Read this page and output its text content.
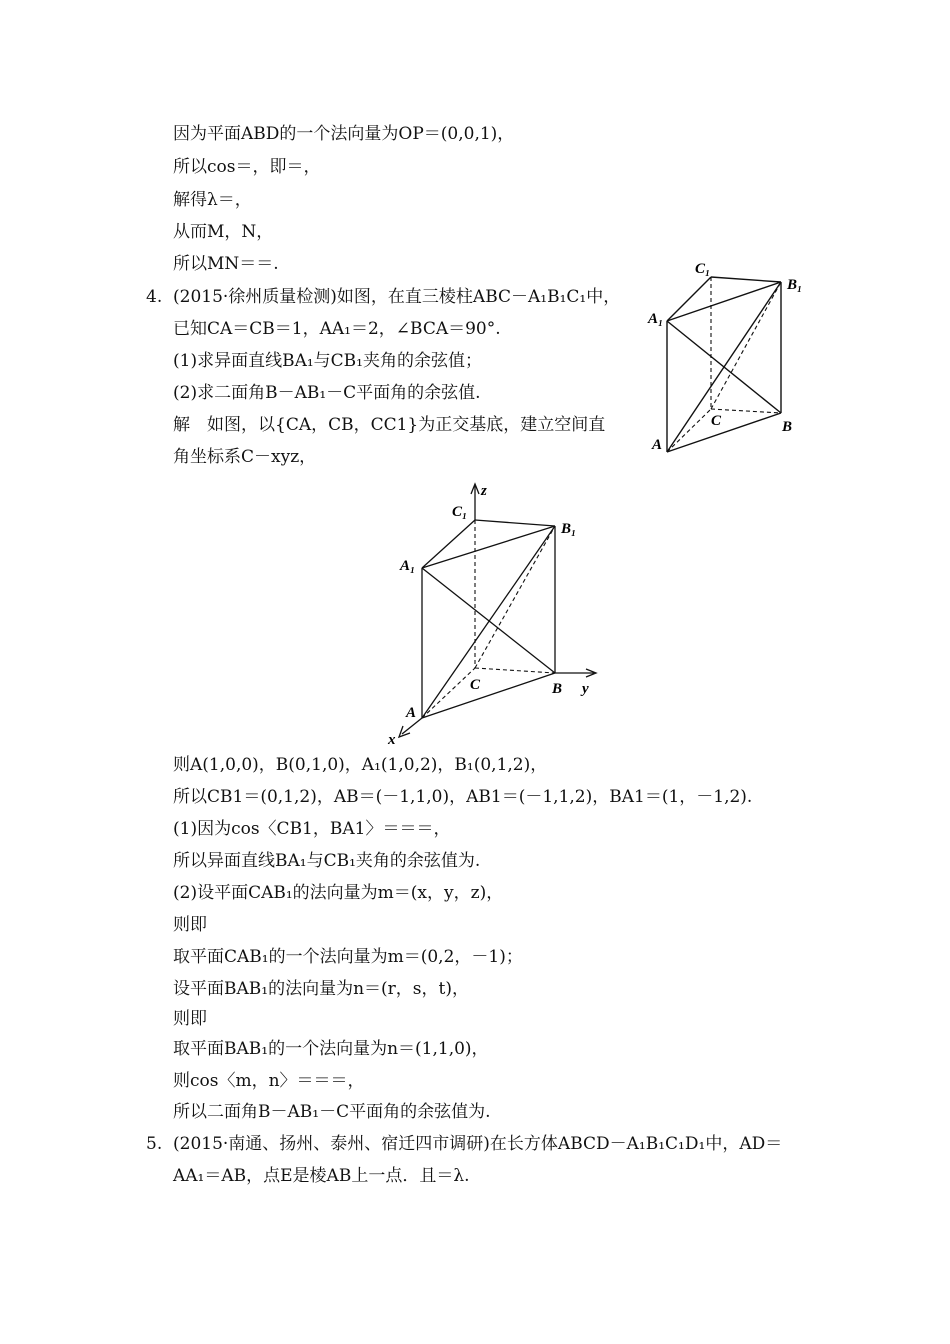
因为平面ABD的一个法向量为OP＝(0,0,1)，
所以cos＝，即＝，
解得λ＝，
从而M，N，
所以MN＝＝.
4. (2015·徐州质量检测)如图，在直三棱柱ABC－A₁B₁C₁中，
已知CA＝CB＝1，AA₁＝2，∠BCA＝90°.
(1)求异面直线BA₁与CB₁夹角的余弦值；
(2)求二面角B－AB₁－C平面角的余弦值.
解　如图，以{CA，CB，CC1}为正交基底，建立空间直
角坐标系C－xyz，
C₁
B₁
A₁
C	B
A
z
C₁
B₁
A₁
C	B y
A
x
则A(1,0,0)，B(0,1,0)，A₁(1,0,2)，B₁(0,1,2)，
所以CB1＝(0,1,2)，AB＝(－1,1,0)，AB1＝(－1,1,2)，BA1＝(1，－1,2).
(1)因为cos〈CB1，BA1〉＝＝＝，
所以异面直线BA₁与CB₁夹角的余弦值为.
(2)设平面CAB₁的法向量为m＝(x，y，z)，
则即
取平面CAB₁的一个法向量为m＝(0,2，－1)；
设平面BAB₁的法向量为n＝(r，s，t)，
则即
取平面BAB₁的一个法向量为n＝(1,1,0)，
则cos〈m，n〉＝＝＝，
所以二面角B－AB₁－C平面角的余弦值为.
5. (2015·南通、扬州、泰州、宿迁四市调研)在长方体ABCD－A₁B₁C₁D₁中，AD＝
AA₁＝AB，点E是棱AB上一点．且＝λ.
